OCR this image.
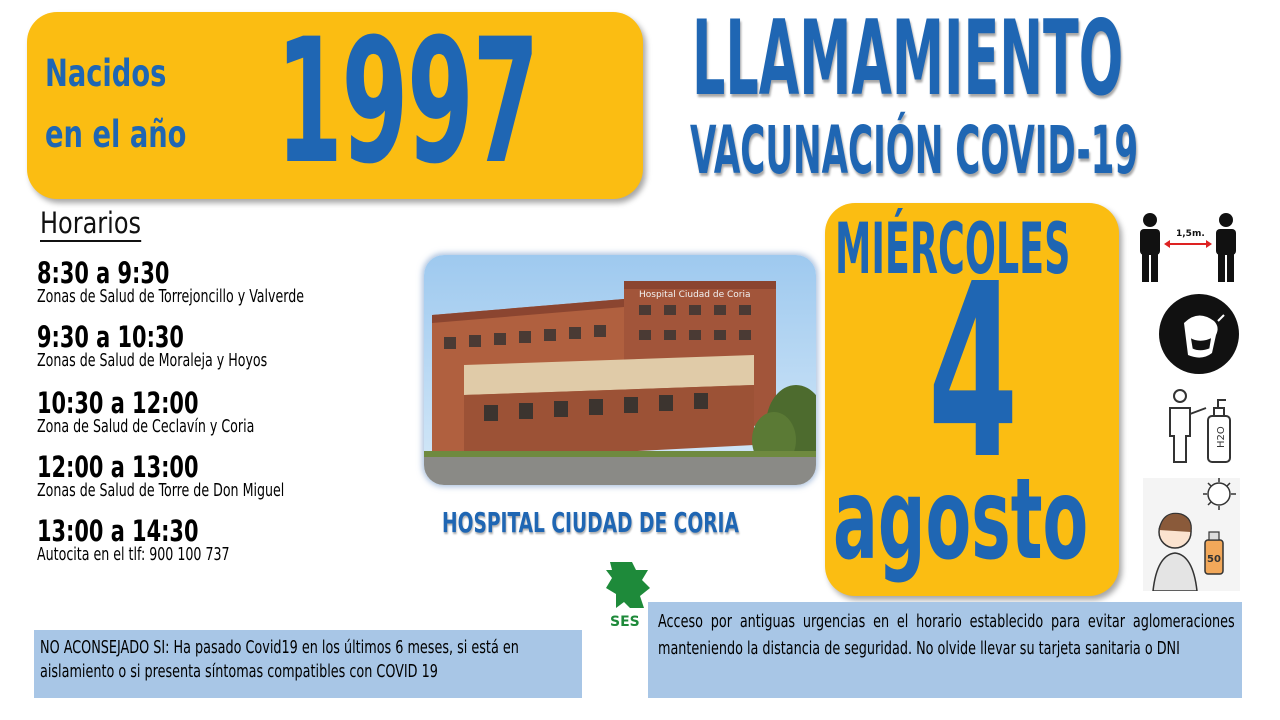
Nacidos
en el año 1997 LLAMAMIENTO
VACUNACIÓN COVID-19
Horarios
8:30 a 9:30
Zonas de Salud de Torrejoncillo y Valverde
9:30 a 10:30
Zonas de Salud de Moraleja y Hoyos
10:30 a 12:00
Zona de Salud de Ceclavín y Coria
12:00 a 13:00
Zonas de Salud de Torre de Don Miguel
13:00 a 14:30
Autocita en el tlf: 900 100 737
Hospital Ciudad de Coria
HOSPITAL CIUDAD DE CORIA
MIÉRCOLES
4
agosto
1,5m.
H2O
50
SES
NO ACONSEJADO SI: Ha pasado Covid19 en los últimos 6 meses, si está en aislamiento o si presenta síntomas compatibles con COVID 19
Acceso por antiguas urgencias en el horario establecido para evitar aglomeraciones manteniendo la distancia de seguridad. No olvide llevar su tarjeta sanitaria o DNI
